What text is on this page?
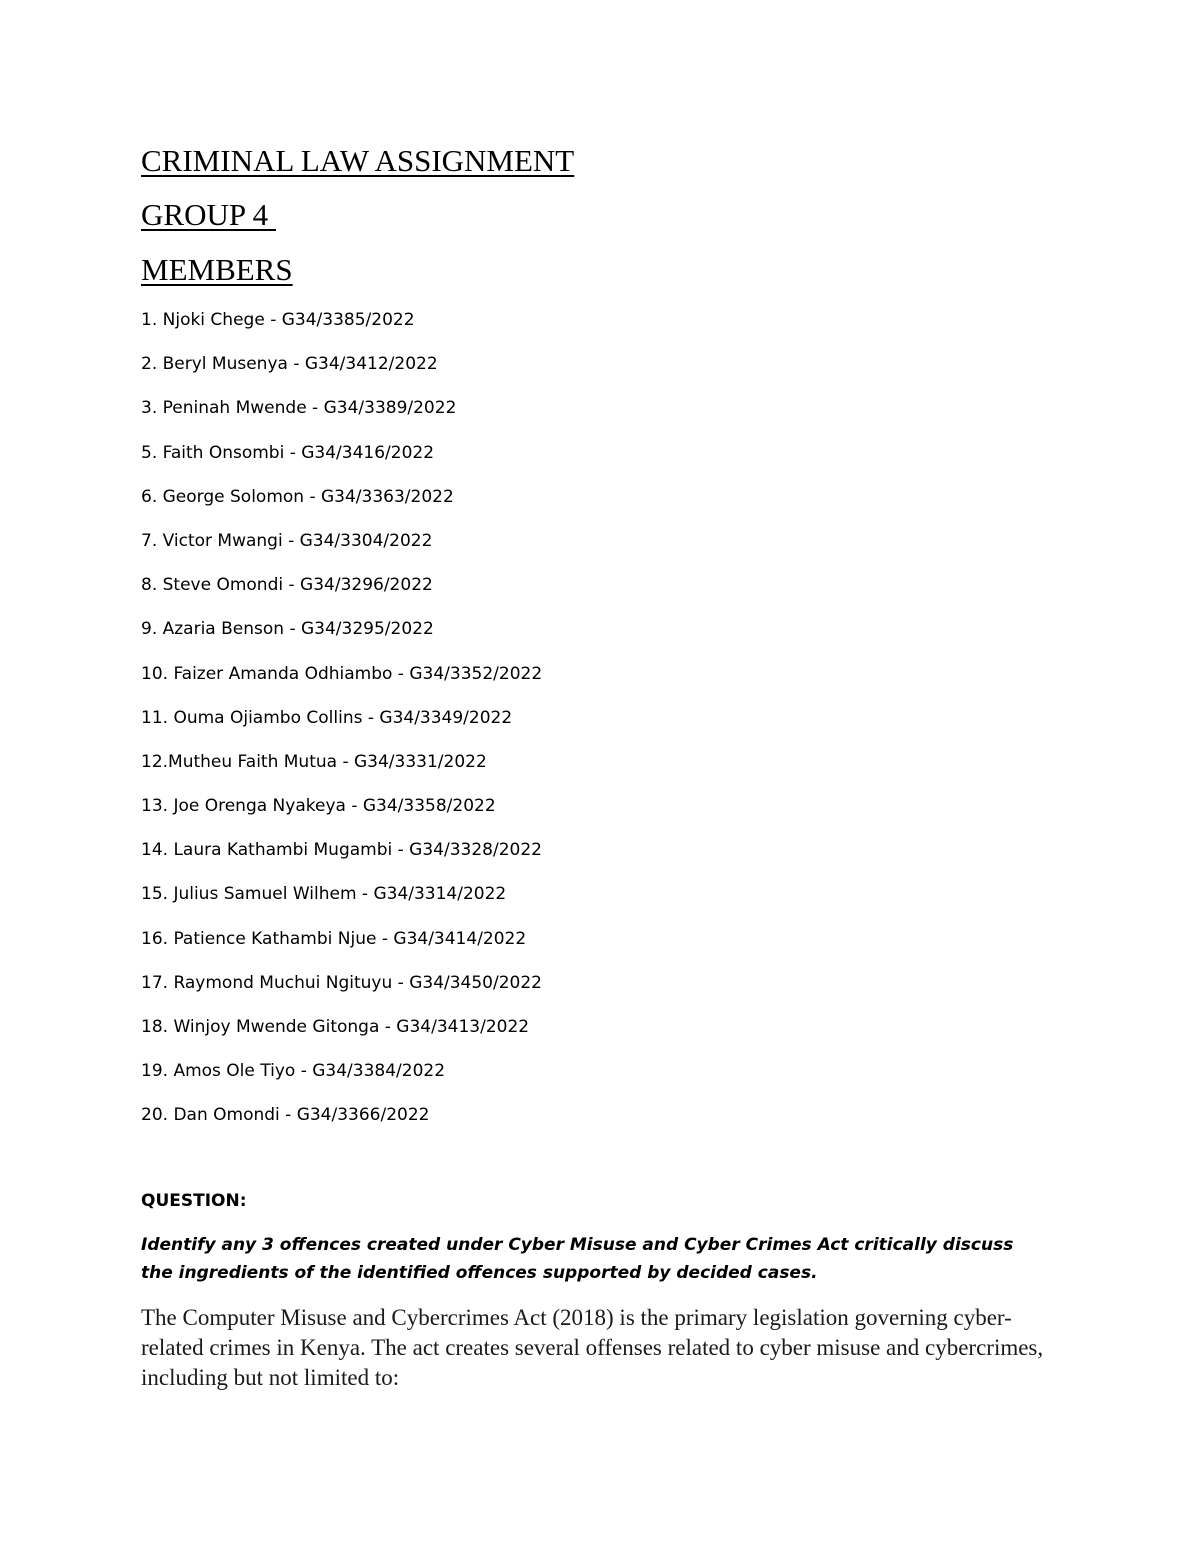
CRIMINAL LAW ASSIGNMENT
GROUP 4
MEMBERS
1. Njoki Chege - G34/3385/2022
2. Beryl Musenya - G34/3412/2022
3. Peninah Mwende - G34/3389/2022
5. Faith Onsombi - G34/3416/2022
6. George Solomon - G34/3363/2022
7. Victor Mwangi - G34/3304/2022
8. Steve Omondi - G34/3296/2022
9. Azaria Benson - G34/3295/2022
10. Faizer Amanda Odhiambo - G34/3352/2022
11. Ouma Ojiambo Collins - G34/3349/2022
12.Mutheu Faith Mutua - G34/3331/2022
13. Joe Orenga Nyakeya - G34/3358/2022
14. Laura Kathambi Mugambi - G34/3328/2022
15. Julius Samuel Wilhem - G34/3314/2022
16. Patience Kathambi Njue - G34/3414/2022
17. Raymond Muchui Ngituyu - G34/3450/2022
18. Winjoy Mwende Gitonga - G34/3413/2022
19. Amos Ole Tiyo - G34/3384/2022
20. Dan Omondi - G34/3366/2022

QUESTION:

Identify any 3 offences created under Cyber Misuse and Cyber Crimes Act critically discuss the ingredients of the identified offences supported by decided cases.

The Computer Misuse and Cybercrimes Act (2018) is the primary legislation governing cyber-related crimes in Kenya. The act creates several offenses related to cyber misuse and cybercrimes, including but not limited to:
